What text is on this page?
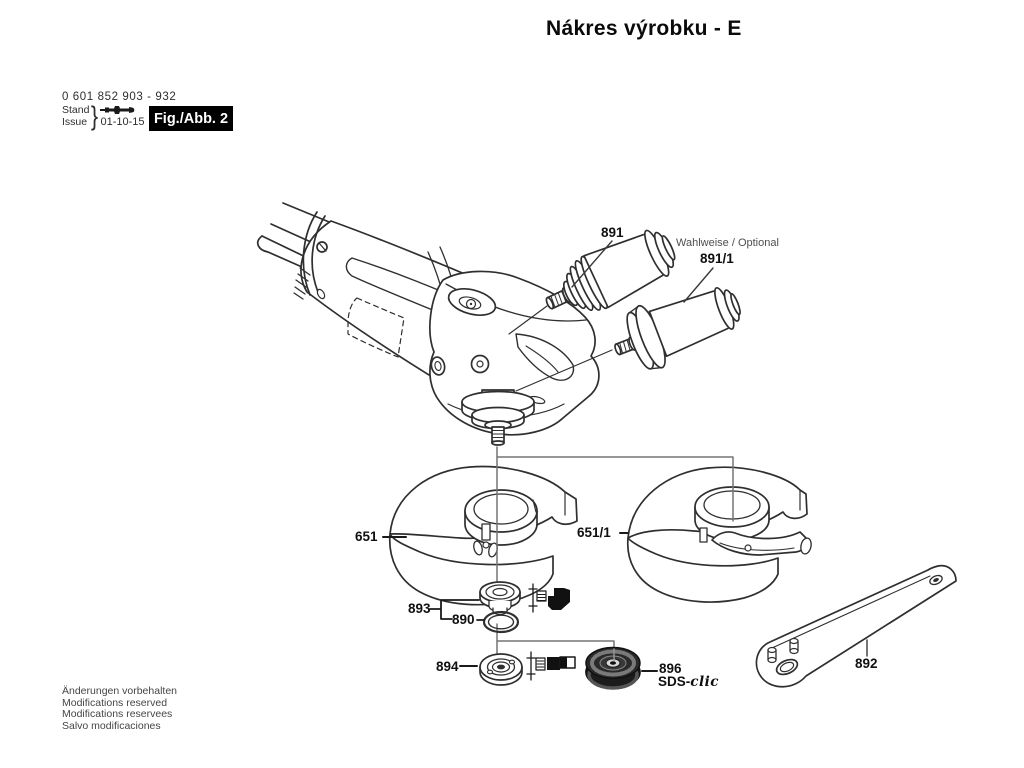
Nákres výrobku - E
0 601 852 903 - 932
Stand
Issue } 01-10-15 Fig./Abb. 2
891
Wahlweise / Optional
891/1
651	651/1
893
890
894	896
SDS-clic
892
Änderungen vorbehalten
Modifications reserved
Modifications reservees
Salvo modificaciones
